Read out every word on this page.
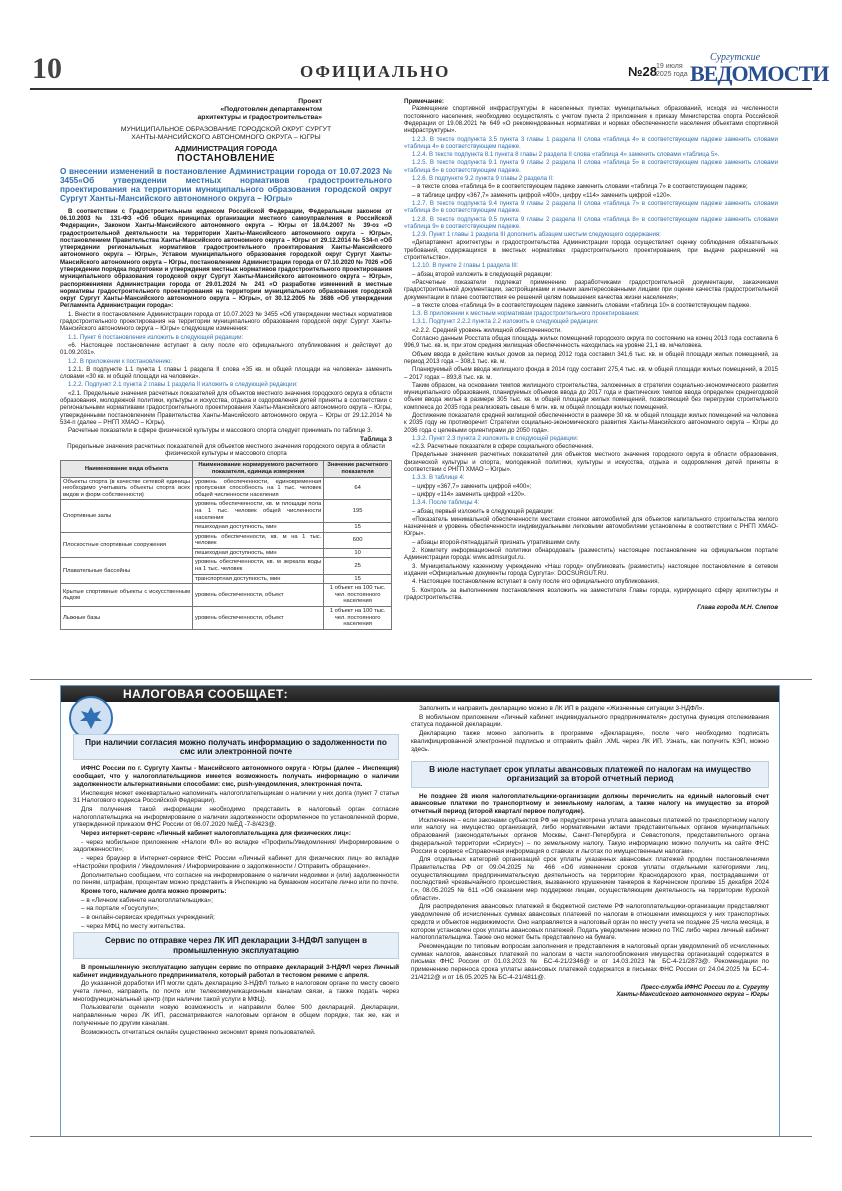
10	ОФИЦИАЛЬНО	№28 19 июля
2025 года
Сургутские
ВЕДОМОСТИ
Проект
«Подготовлен департаментом
архитектуры и градостроительства»
МУНИЦИПАЛЬНОЕ ОБРАЗОВАНИЕ ГОРОДСКОЙ ОКРУГ СУРГУТ
ХАНТЫ-МАНСИЙСКОГО АВТОНОМНОГО ОКРУГА – ЮГРЫ
АДМИНИСТРАЦИЯ ГОРОДА
ПОСТАНОВЛЕНИЕ
О внесении изменений в постановление Администрации города от 10.07.2023 № 3455«Об утверждении местных нормативов градостроительного проектирования на территории муниципального образования городской округ Сургут Ханты-Мансийского автономного округа – Югры»

В соответствии с Градостроительным кодексом Российской Федерации, Федеральным законом от 06.10.2003 № 131-ФЗ «Об общих принципах организации местного самоуправления в Российской Федерации», Законом Ханты-Мансийского автономного округа – Югры от 18.04.2007 № 39-оз «О градостроительной деятельности на территории Ханты-Мансийского автономного округа – Югры», постановлением Правительства Ханты-Мансийского автономного округа – Югры от 29.12.2014 № 534-п «Об утверждении региональных нормативов градостроительного проектирования Ханты-Мансийского автономного округа – Югры», Уставом муниципального образования городской округ Сургут Ханты-Мансийского автономного округа – Югры, постановлением Администрации города от 07.10.2020 № 7026 «Об утверждении порядка подготовки и утверждения местных нормативов градостроительного проектирования муниципального образования городской округ Сургут Ханты-Мансийского автономного округа – Югры», распоряжениями Администрации города от 29.01.2024 № 241 «О разработке изменений в местные нормативы градостроительного проектирования на территории муниципального образования городской округ Сургут Ханты-Мансийского автономного округа – Югры», от 30.12.2005 № 3686 «Об утверждении Регламента Администрации города»:

1. Внести в постановление Администрации города от 10.07.2023 № 3455 «Об утверждении местных нормативов градостроительного проектирования на территории муниципального образования городской округ Сургут Ханты-Мансийского автономного округа – Югры» следующие изменения:

1.1. Пункт 6 постановления изложить в следующей редакции:

«6. Настоящее постановление вступает в силу после его официального опубликования и действует до 01.09.2031».

1.2. В приложении к постановлению:

1.2.1. В подпункте 1.1 пункта 1 главы 1 раздела II слова «35 кв. м общей площади на человека» заменить словами «30 кв. м общей площади на человека».

1.2.2. Подпункт 2.1 пункта 2 главы 1 раздела II изложить в следующей редакции:

«2.1. Предельные значения расчетных показателей для объектов местного значения городского округа в области образования, молодежной политики, культуры и искусства, отдыха и оздоровления детей приняты в соответствии с региональными нормативами градостроительного проектирования Ханты-Мансийского автономного округа – Югры, утвержденными постановлением Правительства Ханты-Мансийского автономного округа – Югры от 29.12.2014 № 534-п (далее – РНГП ХМАО – Югры).

Расчетные показатели в сфере физической культуры и массового спорта следует принимать по таблице 3.

Таблица 3
Предельные значения расчетных показателей для объектов местного значения городского округа в области физической культуры и массового спорта
Наименование вида объекта	Наименование нормируемого расчетного показателя, единица измерения	Значение расчетного показателя
Объекты спорта (в качестве сетевой единицы необходимо учитывать объекты спорта всех видов и форм собственности)	уровень обеспеченности, единовременная пропускная способность на 1 тыс. человек общей численности населения	64
Спортивные залы	уровень обеспеченности, кв. м площади пола на 1 тыс. человек общей численности населения	195
	пешеходная доступность, мин	15
Плоскостные спортивные сооружения	уровень обеспеченности, кв. м на 1 тыс. человек	600
	пешеходная доступность, мин	10
Плавательные бассейны	уровень обеспеченности, кв. м зеркала воды на 1 тыс. человек	25
	транспортная доступность, мин	15
Крытые спортивные объекты с искусственным льдом	уровень обеспеченности, объект	1 объект на 100 тыс. чел. постоянного населения
Лыжные базы	уровень обеспеченности, объект	1 объект на 100 тыс. чел. постоянного населения
Примечание:

Размещение спортивной инфраструктуры в населенных пунктах муниципальных образований, исходя из численности постоянного населения, необходимо осуществлять с учетом пункта 2 приложения к приказу Министерства спорта Российской Федерации от 19.08.2021 № 649 «О рекомендованных нормативах и нормах обеспеченности населения объектами спортивной инфраструктуры».

1.2.3. В тексте подпункта 3.5 пункта 3 главы 1 раздела II слова «таблица 4» в соответствующем падеже заменить словами «таблица 4» в соответствующем падеже.

1.2.4. В тексте подпункта 8.1 пункта 8 главы 2 раздела II слова «таблица 4» заменить словами «таблица 5».

1.2.5. В тексте подпункта 9.1 пункта 9 главы 2 раздела II слова «таблица 5» в соответствующем падеже заменить словами «таблица 6» в соответствующем падеже.

1.2.6. В подпункте 9.2 пункта 9 главы 2 раздела II:

– в тексте слова «таблица 6» в соответствующем падеже заменить словами «таблица 7» в соответствующем падеже;

– в таблице цифру «367,7» заменить цифрой «400», цифру «114» заменить цифрой «120».

1.2.7. В тексте подпункта 9.4 пункта 9 главы 2 раздела II слова «таблица 7» в соответствующем падеже заменить словами «таблица 8» в соответствующем падеже.

1.2.8. В тексте подпункта 9.5 пункта 9 главы 2 раздела II слова «таблица 8» в соответствующем падеже заменить словами «таблица 9» в соответствующем падеже.

1.2.9. Пункт 1 главы 1 раздела III дополнить абзацем шестым следующего содержания:

«Департамент архитектуры и градостроительства Администрации города осуществляет оценку соблюдения обязательных требований, содержащихся в местных нормативах градостроительного проектирования, при выдаче разрешений на строительство».

1.2.10. В пункте 2 главы 1 раздела III:

– абзац второй изложить в следующей редакции:

«Расчетные показатели подлежат применению разработчиками градостроительной документации, заказчиками градостроительной документации, застройщиками и иными заинтересованными лицами при оценке качества градостроительной документации в плане соответствия ее решений целям повышения качества жизни населения»;

– в тексте слова «таблица 9» в соответствующем падеже заменить словами «таблица 10» в соответствующем падеже.

1.3. В приложении к местным нормативам градостроительного проектирования:

1.3.1. Подпункт 2.2.2 пункта 2.2 изложить в следующей редакции:

«2.2.2. Средний уровень жилищной обеспеченности.

Согласно данным Росстата общая площадь жилых помещений городского округа по состоянию на конец 2013 года составила 6 996,9 тыс. кв. м, при этом средняя жилищная обеспеченность находилась на уровне 21,1 кв. м/человека.

Объем ввода в действие жилых домов за период 2012 года составил 341,6 тыс. кв. м общей площади жилых помещений, за период 2013 года – 308,1 тыс. кв. м.

Планируемый объем ввода жилищного фонда в 2014 году составит 275,4 тыс. кв. м общей площади жилых помещений, в 2015 – 2017 годах – 893,8 тыс. кв. м.

Таким образом, на основании темпов жилищного строительства, заложенных в стратегии социально-экономического развития муниципального образования, планируемых объемов ввода до 2017 года и фактических темпов ввода определен среднегодовой объем ввода жилья в размере 305 тыс. кв. м общей площади жилых помещений, позволяющий без перегрузки строительного комплекса до 2035 года реализовать свыше 6 млн. кв. м общей площади жилых помещений.

Достижение показателя средней жилищной обеспеченности в размере 30 кв. м общей площади жилых помещений на человека к 2035 году не противоречит Стратегии социально-экономического развития Ханты-Мансийского автономного округа – Югры до 2036 года с целевыми ориентирами до 2050 года».

1.3.2. Пункт 2.3 пункта 2 изложить в следующей редакции:

«2.3. Расчетные показатели в сфере социального обеспечения.

Предельные значения расчетных показателей для объектов местного значения городского округа в области образования, физической культуры и спорта, молодежной политики, культуры и искусства, отдыха и оздоровления детей приняты в соответствии с РНГП ХМАО – Югры».

1.3.3. В таблице 4:

– цифру «367,7» заменить цифрой «400»;

– цифру «114» заменить цифрой «120».

1.3.4. После таблицы 4:

– абзац первый изложить в следующей редакции:

«Показатель минимальной обеспеченности местами стоянки автомобилей для объектов капитального строительства жилого назначения и уровень обеспеченности индивидуальными легковыми автомобилями установлены в соответствии с РНГП ХМАО-Югры».

– абзацы второй-пятнадцатый признать утратившими силу.

2. Комитету информационной политики обнародовать (разместить) настоящее постановление на официальном портале Администрации города: www.admsurgut.ru.

3. Муниципальному казенному учреждению «Наш город» опубликовать (разместить) настоящее постановление в сетевом издании «Официальные документы города Сургута»: DOCSURGUT.RU.

4. Настоящее постановление вступает в силу после его официального опубликования.

5. Контроль за выполнением постановления возложить на заместителя Главы города, курирующего сферу архитектуры и градостроительства.

Глава города М.Н. Слепов
НАЛОГОВАЯ СООБЩАЕТ:
При наличии согласия можно получать информацию о задолженности по смс или электронной почте

ИФНС России по г. Сургуту Ханты - Мансийского автономного округа - Югры (далее – Инспекция) сообщает, что у налогоплательщиков имеется возможность получать информацию о наличии задолженности альтернативными способами: смс, push-уведомления, электронная почта.

Инспекция может ежеквартально напоминать налогоплательщикам о наличии у них долга (пункт 7 статьи 31 Налогового кодекса Российской Федерации).

Для получения такой информации необходимо представить в налоговый орган согласие налогоплательщика на информирование о наличии задолженности оформленное по установленной форме, утвержденной приказом ФНС России от 06.07.2020 №ЕД -7-8/423@.

Через интернет-сервис «Личный кабинет налогоплательщика для физических лиц»:

- через мобильное приложение «Налоги ФЛ» во вкладке «Профиль/Уведомления/ Информирование о задолженности»;

- через браузер в Интернет-сервисе ФНС России «Личный кабинет для физических лиц» во вкладке «Настройки профиля / Уведомления / Информирование о задолженности / Отправить обращение».

Дополнительно сообщаем, что согласие на информирование о наличии недоимки и (или) задолженности по пеням, штрафам, процентам можно представить в Инспекцию на бумажном носителе лично или по почте.

Кроме того, наличие долга можно проверить:

– в «Личном кабинете налогоплательщика»;

– на портале «Госуслуги»;

– в онлайн-сервисах кредитных учреждений;

– через МФЦ по месту жительства.

Сервис по отправке через ЛК ИП декларации 3-НДФЛ запущен в промышленную эксплуатацию

В промышленную эксплуатацию запущен сервис по отправке деклараций 3-НДФЛ через Личный кабинет индивидуального предпринимателя, который работал в тестовом режиме с апреля.

До указанной доработки ИП могли сдать декларацию 3-НДФЛ только в налоговом органе по месту своего учета лично, направить по почте или телекоммуникационным каналам связи, а также подать через многофункциональный центр (при наличии такой услуги в МФЦ).

Пользователи оценили новую возможность и направили более 500 деклараций. Декларации, направленные через ЛК ИП, рассматриваются налоговым органом в общем порядке, так же, как и полученные по другим каналам.

Возможность отчитаться онлайн существенно экономит время пользователей.

Заполнить и направить декларацию можно в ЛК ИП в разделе «Жизненные ситуации 3-НДФЛ».

В мобильном приложении «Личный кабинет индивидуального предпринимателя» доступна функция отслеживания статуса поданной декларации.

Декларацию также можно заполнить в программе «Декларация», после чего необходимо подписать квалифицированной электронной подписью и отправить файл .XML через ЛК ИП. Узнать, как получить КЭП, можно здесь.

В июле наступает срок уплаты авансовых платежей по налогам на имущество организаций за второй отчетный период

Не позднее 28 июля налогоплательщики-организации должны перечислить на единый налоговый счет авансовые платежи по транспортному и земельному налогам, а также налогу на имущество за второй отчетный период (второй квартал/ первое полугодие).

Исключение – если законами субъектов РФ не предусмотрена уплата авансовых платежей по транспортному налогу или налогу на имущество организаций, либо нормативными актами представительных органов муниципальных образований (законодательных органов Москвы, Санкт-Петербурга и Севастополя, представительного органа федеральной территории «Сириус») – по земельному налогу. Такую информацию можно получить на сайте ФНС России в сервисе «Справочная информация о ставках и льготах по имущественным налогам».

Для отдельных категорий организаций срок уплаты указанных авансовых платежей продлен постановлениями Правительства РФ от 09.04.2025 № 466 «Об изменении сроков уплаты отдельными категориями лиц, осуществляющими предпринимательскую деятельность на территории Краснодарского края, пострадавшими от последствий чрезвычайного происшествия, вызванного крушением танкеров в Керченском проливе 15 декабря 2024 г.», 08.05.2025 № 611 «Об оказании мер поддержки лицам, осуществляющим деятельность на территории Курской области».

Для распределения авансовых платежей в бюджетной системе РФ налогоплательщики-организации представляют уведомление об исчисленных суммах авансовых платежей по налогам в отношении имеющихся у них транспортных средств и объектов недвижимости. Оно направляется в налоговый орган по месту учета не позднее 25 числа месяца, в котором установлен срок уплаты авансовых платежей. Подать уведомление можно по ТКС либо через личный кабинет налогоплательщика. Также оно может быть представлено на бумаге.

Рекомендации по типовым вопросам заполнения и представления в налоговый орган уведомлений об исчисленных суммах налогов, авансовых платежей по налогам в части налогообложения имущества организаций содержатся в письмах ФНС России от 01.03.2023 № БС-4-21/2346@ и от 14.03.2023 № БС-4-21/2873@. Рекомендации по применению переноса срока уплаты авансовых платежей содержатся в письмах ФНС России от 24.04.2025 № БС-4-21/4212@ и от 16.05.2025 № БС-4-21/4811@.

Пресс-служба ИФНС России по г. Сургуту
Ханты-Мансийского автономного округа – Югры
